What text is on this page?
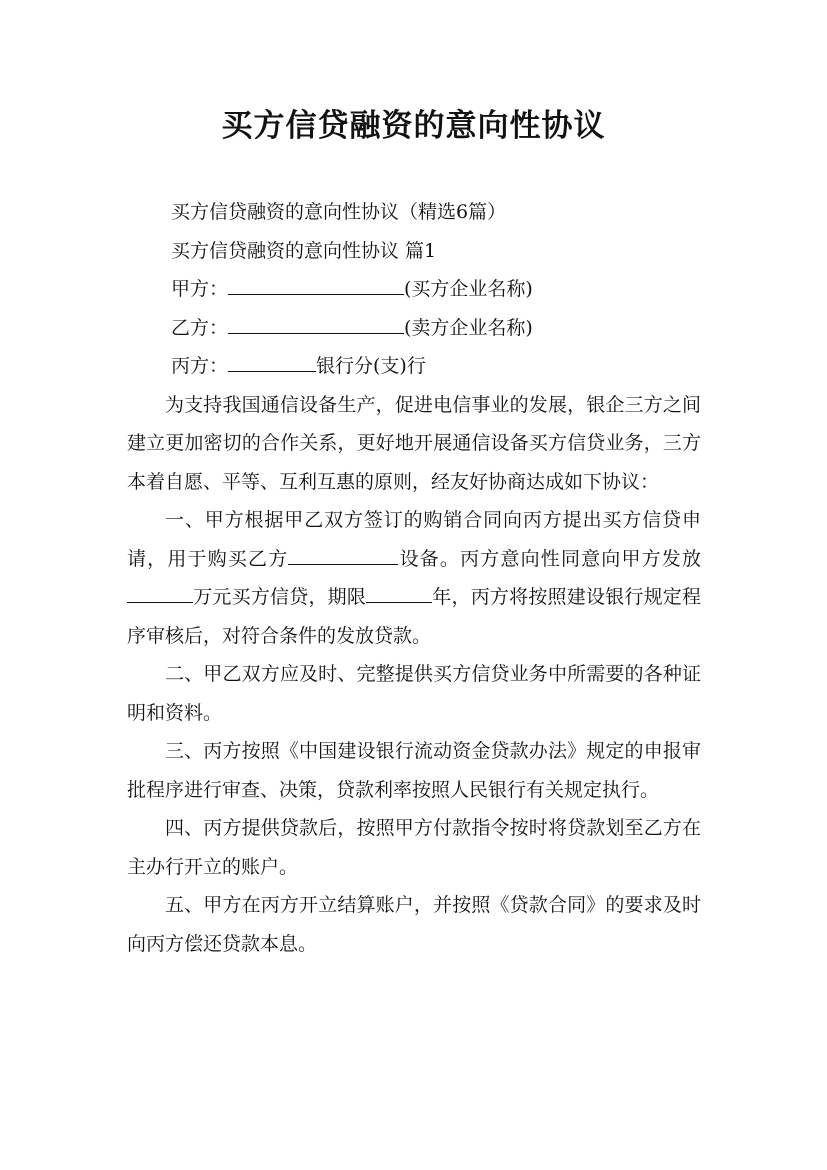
买方信贷融资的意向性协议

买方信贷融资的意向性协议（精选6篇）

买方信贷融资的意向性协议 篇1

甲方：	(买方企业名称)

乙方：	(卖方企业名称)

丙方：	银行分(支)行

为支持我国通信设备生产，促进电信事业的发展，银企三方之间建立更加密切的合作关系，更好地开展通信设备买方信贷业务，三方本着自愿、平等、互利互惠的原则，经友好协商达成如下协议：

一、甲方根据甲乙双方签订的购销合同向丙方提出买方信贷申请，用于购买乙方	设备。丙方意向性同意向甲方发放万元买方信贷，期限	年，丙方将按照建设银行规定程序审核后，对符合条件的发放贷款。

二、甲乙双方应及时、完整提供买方信贷业务中所需要的各种证明和资料。

三、丙方按照《中国建设银行流动资金贷款办法》规定的申报审批程序进行审查、决策，贷款利率按照人民银行有关规定执行。

四、丙方提供贷款后，按照甲方付款指令按时将贷款划至乙方在主办行开立的账户。

五、甲方在丙方开立结算账户，并按照《贷款合同》的要求及时向丙方偿还贷款本息。
